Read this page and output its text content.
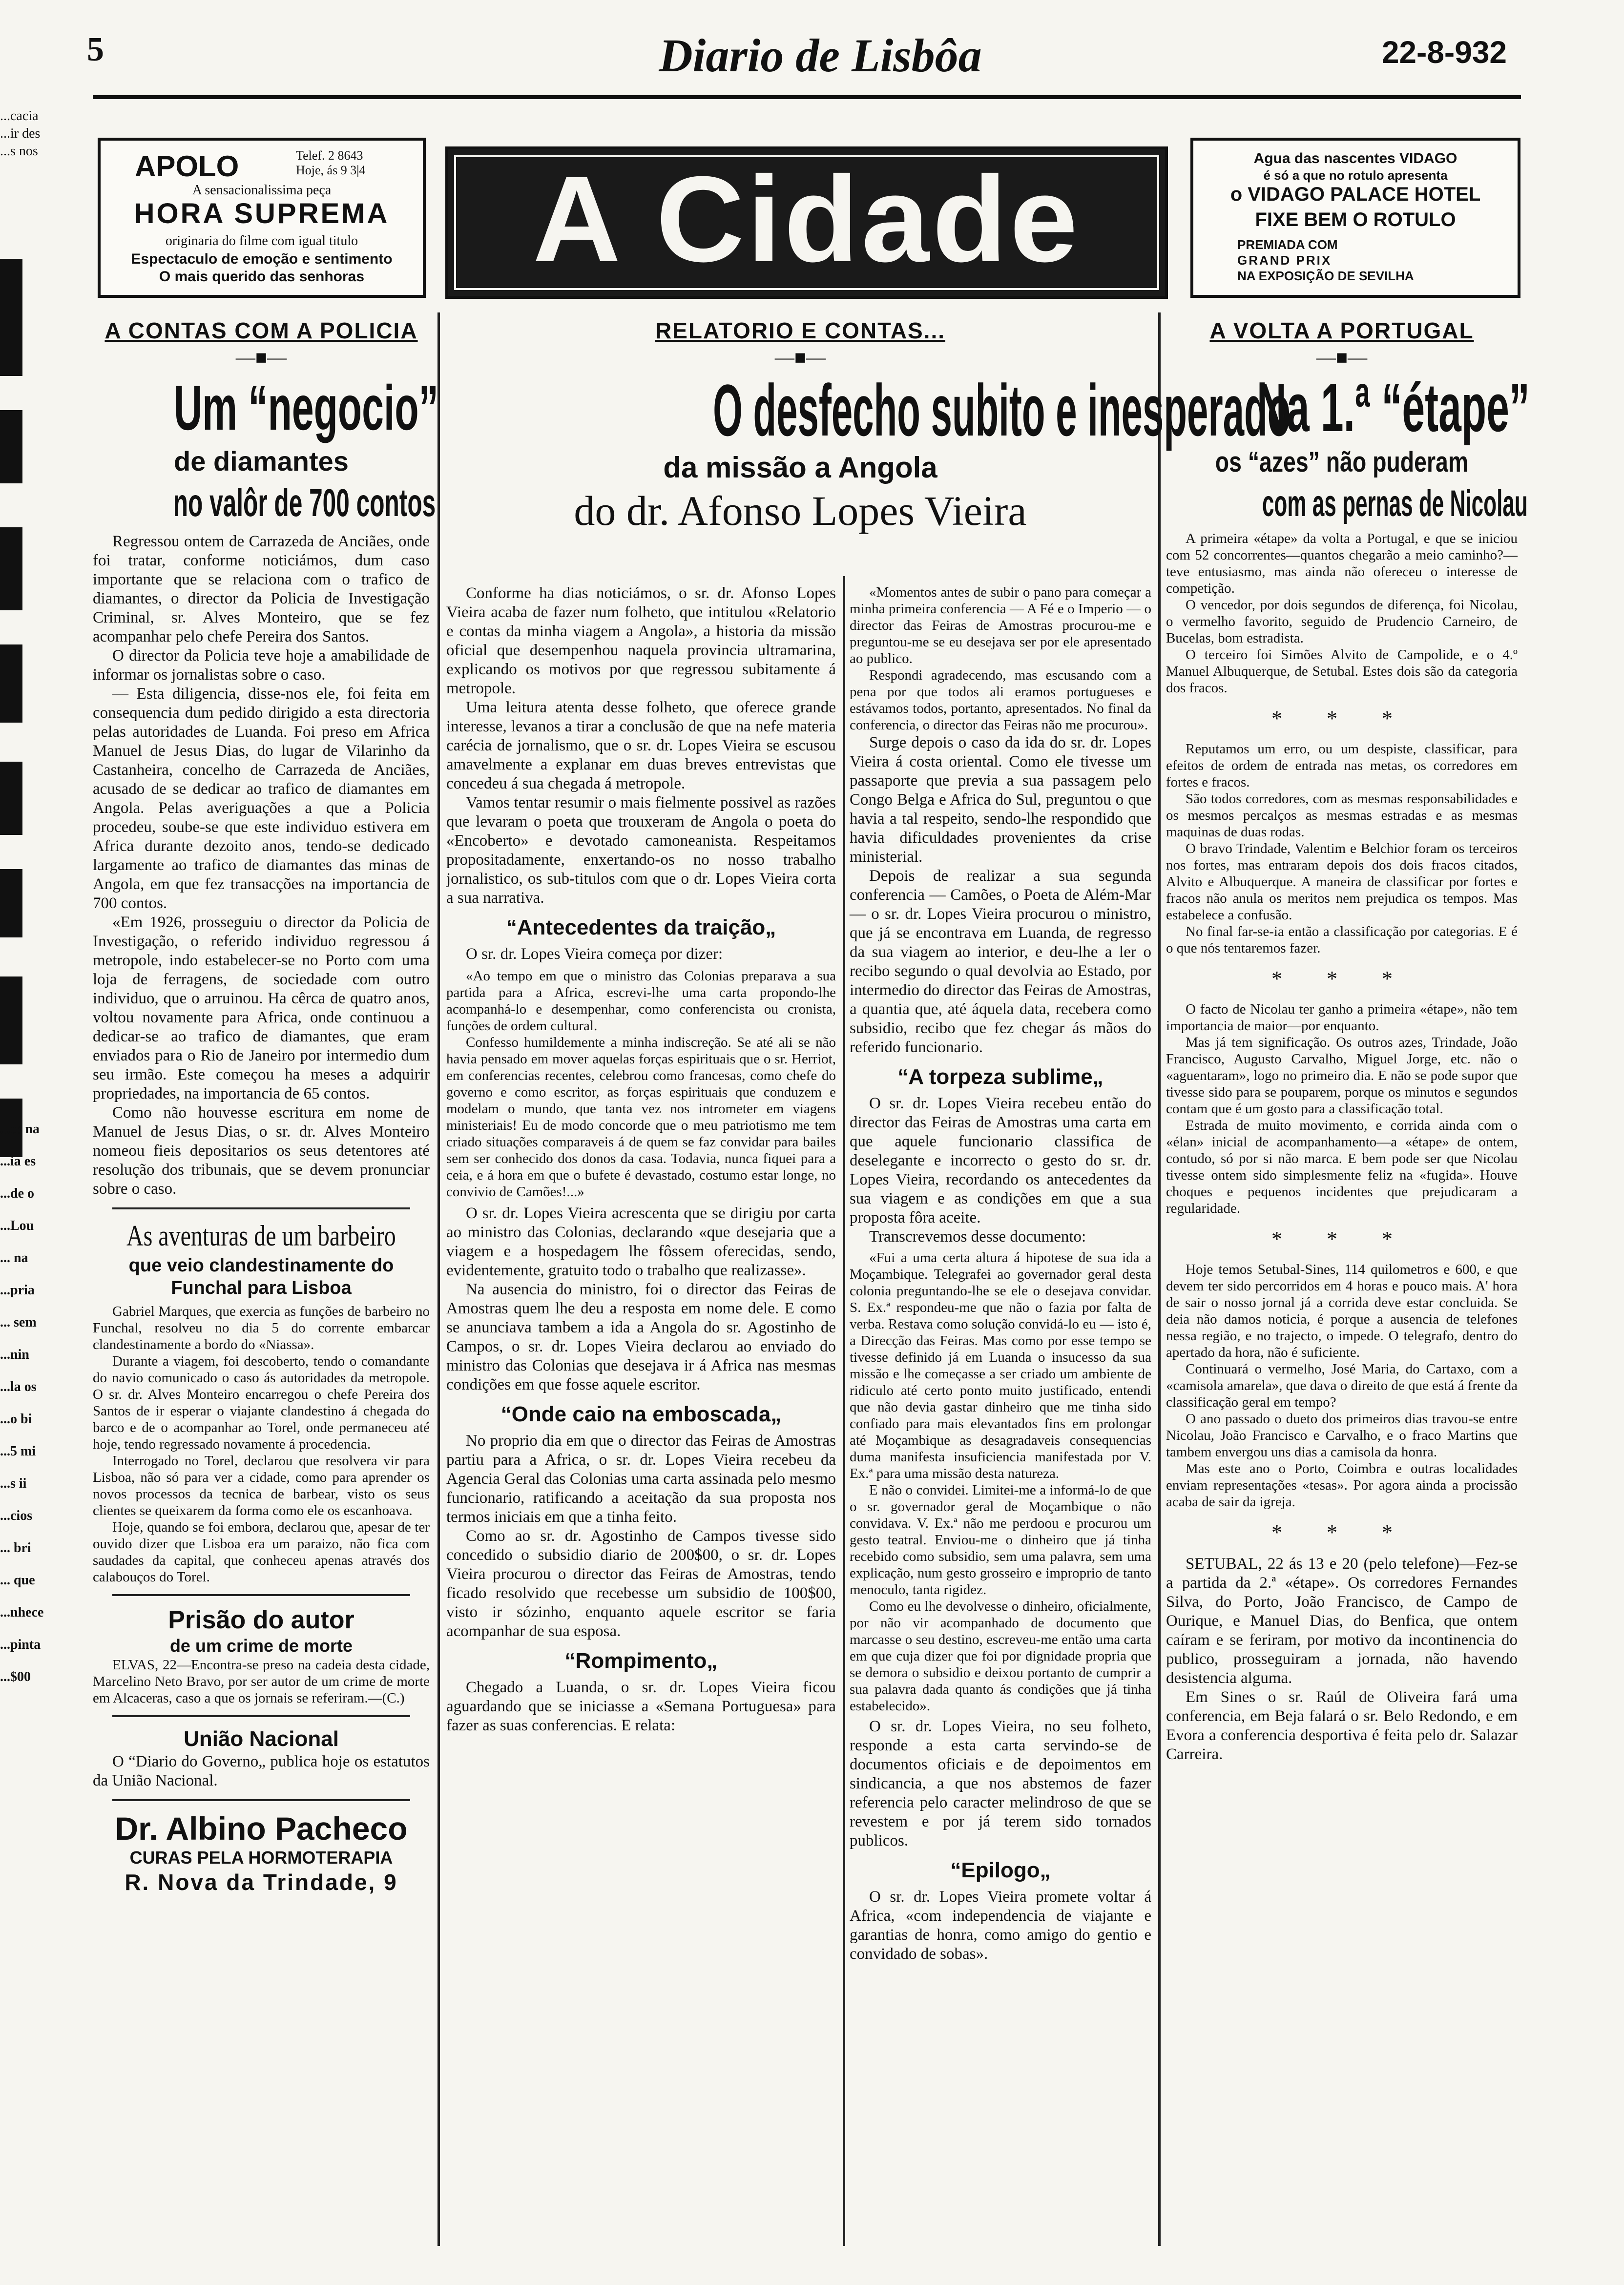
5	Diario de Lisbôa	22-8-932
...cacia
...ir des
...s nos
...es na
...ia es
...de o
...Lou
... na
...pria
... sem
...nin
...la os
...o bi
...5 mi
...s ii
...cios
... bri
... que
...nhece
...pinta
...$00
APOLO	Telef. 2 8643
Hoje, ás 9 3|4
A sensacionalissima peça
HORA SUPREMA
originaria do filme com igual titulo
Espectaculo de emoção e sentimento
O mais querido das senhoras	A Cidade	Agua das nascentes VIDAGO
é só a que no rotulo apresenta
o VIDAGO PALACE HOTEL
FIXE BEM O ROTULO
PREMIADA COM
GRAND PRIX
NA EXPOSIÇÃO DE SEVILHA
A CONTAS COM A POLICIA
—■—
Um “negocio”
de diamantes
no valôr de 700 contos

Regressou ontem de Carrazeda de Anciães, onde foi tratar, conforme noticiámos, dum caso importante que se relaciona com o trafico de diamantes, o director da Policia de Investigação Criminal, sr. Alves Monteiro, que se fez acompanhar pelo chefe Pereira dos Santos.

O director da Policia teve hoje a amabilidade de informar os jornalistas sobre o caso.

— Esta diligencia, disse-nos ele, foi feita em consequencia dum pedido dirigido a esta directoria pelas autoridades de Luanda. Foi preso em Africa Manuel de Jesus Dias, do lugar de Vilarinho da Castanheira, concelho de Carrazeda de Anciães, acusado de se dedicar ao trafico de diamantes em Angola. Pelas averiguações a que a Policia procedeu, soube-se que este individuo estivera em Africa durante dezoito anos, tendo-se dedicado largamente ao trafico de diamantes das minas de Angola, em que fez transacções na importancia de 700 contos.

«Em 1926, prosseguiu o director da Policia de Investigação, o referido individuo regressou á metropole, indo estabelecer-se no Porto com uma loja de ferragens, de sociedade com outro individuo, que o arruinou. Ha cêrca de quatro anos, voltou novamente para Africa, onde continuou a dedicar-se ao trafico de diamantes, que eram enviados para o Rio de Janeiro por intermedio dum seu irmão. Este começou ha meses a adquirir propriedades, na importancia de 65 contos.

Como não houvesse escritura em nome de Manuel de Jesus Dias, o sr. dr. Alves Monteiro nomeou fieis depositarios os seus detentores até resolução dos tribunais, que se devem pronunciar sobre o caso.

As aventuras de um barbeiro
que veio clandestinamente do Funchal para Lisboa

Gabriel Marques, que exercia as funções de barbeiro no Funchal, resolveu no dia 5 do corrente embarcar clandestinamente a bordo do «Niassa».

Durante a viagem, foi descoberto, tendo o comandante do navio comunicado o caso ás autoridades da metropole. O sr. dr. Alves Monteiro encarregou o chefe Pereira dos Santos de ir esperar o viajante clandestino á chegada do barco e de o acompanhar ao Torel, onde permaneceu até hoje, tendo regressado novamente á procedencia.

Interrogado no Torel, declarou que resolvera vir para Lisboa, não só para ver a cidade, como para aprender os novos processos da tecnica de barbear, visto os seus clientes se queixarem da forma como ele os escanhoava.

Hoje, quando se foi embora, declarou que, apesar de ter ouvido dizer que Lisboa era um paraizo, não fica com saudades da capital, que conheceu apenas através dos calabouços do Torel.

Prisão do autor
de um crime de morte

ELVAS, 22—Encontra-se preso na cadeia desta cidade, Marcelino Neto Bravo, por ser autor de um crime de morte em Alcaceras, caso a que os jornais se referiram.—(C.)

União Nacional

O “Diario do Governo„ publica hoje os estatutos da União Nacional.

Dr. Albino Pacheco
CURAS PELA HORMOTERAPIA
R. Nova da Trindade, 9
RELATORIO E CONTAS...
—■—
O desfecho subito e inesperado
da missão a Angola
do dr. Afonso Lopes Vieira

Conforme ha dias noticiámos, o sr. dr. Afonso Lopes Vieira acaba de fazer num folheto, que intitulou «Relatorio e contas da minha viagem a Angola», a historia da missão oficial que desempenhou naquela provincia ultramarina, explicando os motivos por que regressou subitamente á metropole.

Uma leitura atenta desse folheto, que oferece grande interesse, levanos a tirar a conclusão de que na nefe materia carécia de jornalismo, que o sr. dr. Lopes Vieira se escusou amavelmente a explanar em duas breves entrevistas que concedeu á sua chegada á metropole.

Vamos tentar resumir o mais fielmente possivel as razões que levaram o poeta que trouxeram de Angola o poeta do «Encoberto» e devotado camoneanista. Respeitamos propositadamente, enxertando-os no nosso trabalho jornalistico, os sub-titulos com que o dr. Lopes Vieira corta a sua narrativa.

“Antecedentes da traição„

O sr. dr. Lopes Vieira começa por dizer:

«Ao tempo em que o ministro das Colonias preparava a sua partida para a Africa, escrevi-lhe uma carta propondo-lhe acompanhá-lo e desempenhar, como conferencista ou cronista, funções de ordem cultural.

Confesso humildemente a minha indiscreção. Se até ali se não havia pensado em mover aquelas forças espirituais que o sr. Herriot, em conferencias recentes, celebrou como francesas, como chefe do governo e como escritor, as forças espirituais que conduzem e modelam o mundo, que tanta vez nos intrometer em viagens ministeriais! Eu de modo concorde que o meu patriotismo me tem criado situações comparaveis á de quem se faz convidar para bailes sem ser conhecido dos donos da casa. Todavia, nunca fiquei para a ceia, e á hora em que o bufete é devastado, costumo estar longe, no convivio de Camões!...»

O sr. dr. Lopes Vieira acrescenta que se dirigiu por carta ao ministro das Colonias, declarando «que desejaria que a viagem e a hospedagem lhe fôssem oferecidas, sendo, evidentemente, gratuito todo o trabalho que realizasse».

Na ausencia do ministro, foi o director das Feiras de Amostras quem lhe deu a resposta em nome dele. E como se anunciava tambem a ida a Angola do sr. Agostinho de Campos, o sr. dr. Lopes Vieira declarou ao enviado do ministro das Colonias que desejava ir á Africa nas mesmas condições em que fosse aquele escritor.

“Onde caio na emboscada„

No proprio dia em que o director das Feiras de Amostras partiu para a Africa, o sr. dr. Lopes Vieira recebeu da Agencia Geral das Colonias uma carta assinada pelo mesmo funcionario, ratificando a aceitação da sua proposta nos termos iniciais em que a tinha feito.

Como ao sr. dr. Agostinho de Campos tivesse sido concedido o subsidio diario de 200$00, o sr. dr. Lopes Vieira procurou o director das Feiras de Amostras, tendo ficado resolvido que recebesse um subsidio de 100$00, visto ir sózinho, enquanto aquele escritor se faria acompanhar de sua esposa.

“Rompimento„

Chegado a Luanda, o sr. dr. Lopes Vieira ficou aguardando que se iniciasse a «Semana Portuguesa» para fazer as suas conferencias. E relata:

«Momentos antes de subir o pano para começar a minha primeira conferencia — A Fé e o Imperio — o director das Feiras de Amostras procurou-me e preguntou-me se eu desejava ser por ele apresentado ao publico.

Respondi agradecendo, mas escusando com a pena por que todos ali eramos portugueses e estávamos todos, portanto, apresentados. No final da conferencia, o director das Feiras não me procurou».

Surge depois o caso da ida do sr. dr. Lopes Vieira á costa oriental. Como ele tivesse um passaporte que previa a sua passagem pelo Congo Belga e Africa do Sul, preguntou o que havia a tal respeito, sendo-lhe respondido que havia dificuldades provenientes da crise ministerial.

Depois de realizar a sua segunda conferencia — Camões, o Poeta de Além-Mar — o sr. dr. Lopes Vieira procurou o ministro, que já se encontrava em Luanda, de regresso da sua viagem ao interior, e deu-lhe a ler o recibo segundo o qual devolvia ao Estado, por intermedio do director das Feiras de Amostras, a quantia que, até áquela data, recebera como subsidio, recibo que fez chegar ás mãos do referido funcionario.

“A torpeza sublime„

O sr. dr. Lopes Vieira recebeu então do director das Feiras de Amostras uma carta em que aquele funcionario classifica de deselegante e incorrecto o gesto do sr. dr. Lopes Vieira, recordando os antecedentes da sua viagem e as condições em que a sua proposta fôra aceite.

Transcrevemos desse documento:

«Fui a uma certa altura á hipotese de sua ida a Moçambique. Telegrafei ao governador geral desta colonia preguntando-lhe se ele o desejava convidar. S. Ex.ª respondeu-me que não o fazia por falta de verba. Restava como solução convidá-lo eu — isto é, a Direcção das Feiras. Mas como por esse tempo se tivesse definido já em Luanda o insucesso da sua missão e lhe começasse a ser criado um ambiente de ridiculo até certo ponto muito justificado, entendi que não devia gastar dinheiro que me tinha sido confiado para mais elevantados fins em prolongar até Moçambique as desagradaveis consequencias duma manifesta insuficiencia manifestada por V. Ex.ª para uma missão desta natureza.

E não o convidei. Limitei-me a informá-lo de que o sr. governador geral de Moçambique o não convidava. V. Ex.ª não me perdoou e procurou um gesto teatral. Enviou-me o dinheiro que já tinha recebido como subsidio, sem uma palavra, sem uma explicação, num gesto grosseiro e improprio de tanto menoculo, tanta rigidez.

Como eu lhe devolvesse o dinheiro, oficialmente, por não vir acompanhado de documento que marcasse o seu destino, escreveu-me então uma carta em que cuja dizer que foi por dignidade propria que se demora o subsidio e deixou portanto de cumprir a sua palavra dada quanto ás condições que já tinha estabelecido».

O sr. dr. Lopes Vieira, no seu folheto, responde a esta carta servindo-se de documentos oficiais e de depoimentos em sindicancia, a que nos abstemos de fazer referencia pelo caracter melindroso de que se revestem e por já terem sido tornados publicos.

“Epilogo„

O sr. dr. Lopes Vieira promete voltar á Africa, «com independencia de viajante e garantias de honra, como amigo do gentio e convidado de sobas».

A VOLTA A PORTUGAL
—■—
Na 1.ª “étape”
os “azes” não puderam
com as pernas de Nicolau

A primeira «étape» da volta a Portugal, e que se iniciou com 52 concorrentes—quantos chegarão a meio caminho?—teve entusiasmo, mas ainda não ofereceu o interesse de competição.

O vencedor, por dois segundos de diferença, foi Nicolau, o vermelho favorito, seguido de Prudencio Carneiro, de Bucelas, bom estradista.

O terceiro foi Simões Alvito de Campolide, e o 4.º Manuel Albuquerque, de Setubal. Estes dois são da categoria dos fracos.

* * *

Reputamos um erro, ou um despiste, classificar, para efeitos de ordem de entrada nas metas, os corredores em fortes e fracos.

São todos corredores, com as mesmas responsabilidades e os mesmos percalços as mesmas estradas e as mesmas maquinas de duas rodas.

O bravo Trindade, Valentim e Belchior foram os terceiros nos fortes, mas entraram depois dos dois fracos citados, Alvito e Albuquerque. A maneira de classificar por fortes e fracos não anula os meritos nem prejudica os tempos. Mas estabelece a confusão.

No final far-se-ia então a classificação por categorias. E é o que nós tentaremos fazer.

* * *

O facto de Nicolau ter ganho a primeira «étape», não tem importancia de maior—por enquanto.

Mas já tem significação. Os outros azes, Trindade, João Francisco, Augusto Carvalho, Miguel Jorge, etc. não o «aguentaram», logo no primeiro dia. E não se pode supor que tivesse sido para se pouparem, porque os minutos e segundos contam que é um gosto para a classificação total.

Estrada de muito movimento, e corrida ainda com o «élan» inicial de acompanhamento—a «étape» de ontem, contudo, só por si não marca. E bem pode ser que Nicolau tivesse ontem sido simplesmente feliz na «fugida». Houve choques e pequenos incidentes que prejudicaram a regularidade.

* * *

Hoje temos Setubal-Sines, 114 quilometros e 600, e que devem ter sido percorridos em 4 horas e pouco mais. A' hora de sair o nosso jornal já a corrida deve estar concluida. Se deia não damos noticia, é porque a ausencia de telefones nessa região, e no trajecto, o impede. O telegrafo, dentro do apertado da hora, não é suficiente.

Continuará o vermelho, José Maria, do Cartaxo, com a «camisola amarela», que dava o direito de que está á frente da classificação geral em tempo?

O ano passado o dueto dos primeiros dias travou-se entre Nicolau, João Francisco e Carvalho, e o fraco Martins que tambem envergou uns dias a camisola da honra.

Mas este ano o Porto, Coimbra e outras localidades enviam representações «tesas». Por agora ainda a procissão acaba de sair da igreja.

* * *

SETUBAL, 22 ás 13 e 20 (pelo telefone)—Fez-se a partida da 2.ª «étape». Os corredores Fernandes Silva, do Porto, João Francisco, de Campo de Ourique, e Manuel Dias, do Benfica, que ontem caíram e se feriram, por motivo da incontinencia do publico, prosseguiram a jornada, não havendo desistencia alguma.

Em Sines o sr. Raúl de Oliveira fará uma conferencia, em Beja falará o sr. Belo Redondo, e em Evora a conferencia desportiva é feita pelo dr. Salazar Carreira.
